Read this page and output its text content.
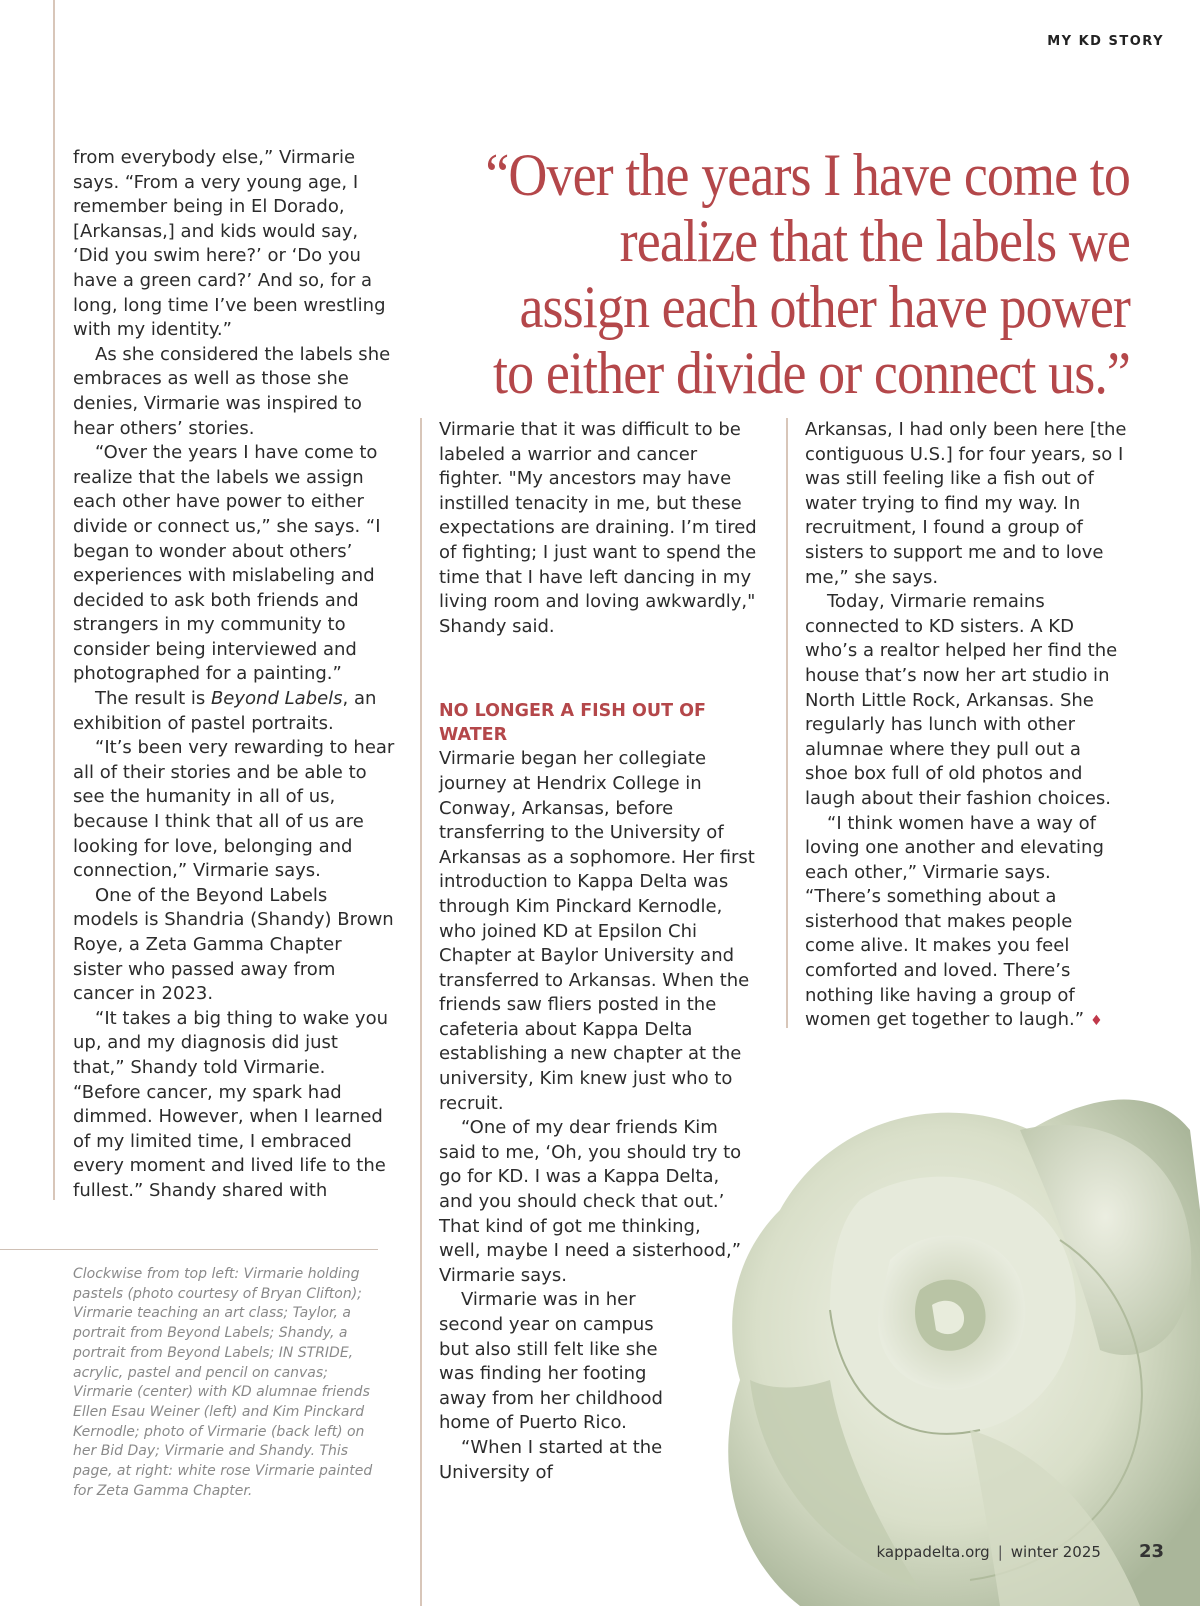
MY KD STORY
“Over the years I have come to realize that the labels we assign each other have power to either divide or connect us.”

from everybody else,” Virmarie says. “From a very young age, I remember being in El Dorado, [Arkansas,] and kids would say, ‘Did you swim here?’ or ‘Do you have a green card?’ And so, for a long, long time I’ve been wrestling with my identity.”

As she considered the labels she embraces as well as those she denies, Virmarie was inspired to hear others’ stories.

“Over the years I have come to realize that the labels we assign each other have power to either divide or connect us,” she says. “I began to wonder about others’ experiences with mislabeling and decided to ask both friends and strangers in my community to consider being interviewed and photographed for a painting.”

The result is Beyond Labels, an exhibition of pastel portraits.

“It’s been very rewarding to hear all of their stories and be able to see the humanity in all of us, because I think that all of us are looking for love, belonging and connection,” Virmarie says.

One of the Beyond Labels models is Shandria (Shandy) Brown Roye, a Zeta Gamma Chapter sister who passed away from cancer in 2023.

“It takes a big thing to wake you up, and my diagnosis did just that,” Shandy told Virmarie. “Before cancer, my spark had dimmed. However, when I learned of my limited time, I embraced every moment and lived life to the fullest.” Shandy shared with

Virmarie that it was difficult to be labeled a warrior and cancer fighter. "My ancestors may have instilled tenacity in me, but these expectations are draining. I’m tired of fighting; I just want to spend the time that I have left dancing in my living room and loving awkwardly," Shandy said.

NO LONGER A FISH OUT OF WATER

Virmarie began her collegiate journey at Hendrix College in Conway, Arkansas, before transferring to the University of Arkansas as a sophomore. Her first introduction to Kappa Delta was through Kim Pinckard Kernodle, who joined KD at Epsilon Chi Chapter at Baylor University and transferred to Arkansas. When the friends saw fliers posted in the cafeteria about Kappa Delta establishing a new chapter at the university, Kim knew just who to recruit.

“One of my dear friends Kim said to me, ‘Oh, you should try to go for KD. I was a Kappa Delta, and you should check that out.’ That kind of got me thinking, well, maybe I need a sisterhood,” Virmarie says.

Virmarie was in her second year on campus but also still felt like she was finding her footing away from her childhood home of Puerto Rico.

“When I started at the University of

Arkansas, I had only been here [the contiguous U.S.] for four years, so I was still feeling like a fish out of water trying to find my way. In recruitment, I found a group of sisters to support me and to love me,” she says.

Today, Virmarie remains connected to KD sisters. A KD who’s a realtor helped her find the house that’s now her art studio in North Little Rock, Arkansas. She regularly has lunch with other alumnae where they pull out a shoe box full of old photos and laugh about their fashion choices.

“I think women have a way of loving one another and elevating each other,” Virmarie says. “There’s something about a sisterhood that makes people come alive. It makes you feel comforted and loved. There’s nothing like having a group of women get together to laugh.” ♦

Clockwise from top left: Virmarie holding pastels (photo courtesy of Bryan Clifton); Virmarie teaching an art class; Taylor, a portrait from Beyond Labels; Shandy, a portrait from Beyond Labels; IN STRIDE, acrylic, pastel and pencil on canvas; Virmarie (center) with KD alumnae friends Ellen Esau Weiner (left) and Kim Pinckard Kernodle; photo of Virmarie (back left) on her Bid Day; Virmarie and Shandy. This page, at right: white rose Virmarie painted for Zeta Gamma Chapter.
kappadelta.org | winter 2025 23
